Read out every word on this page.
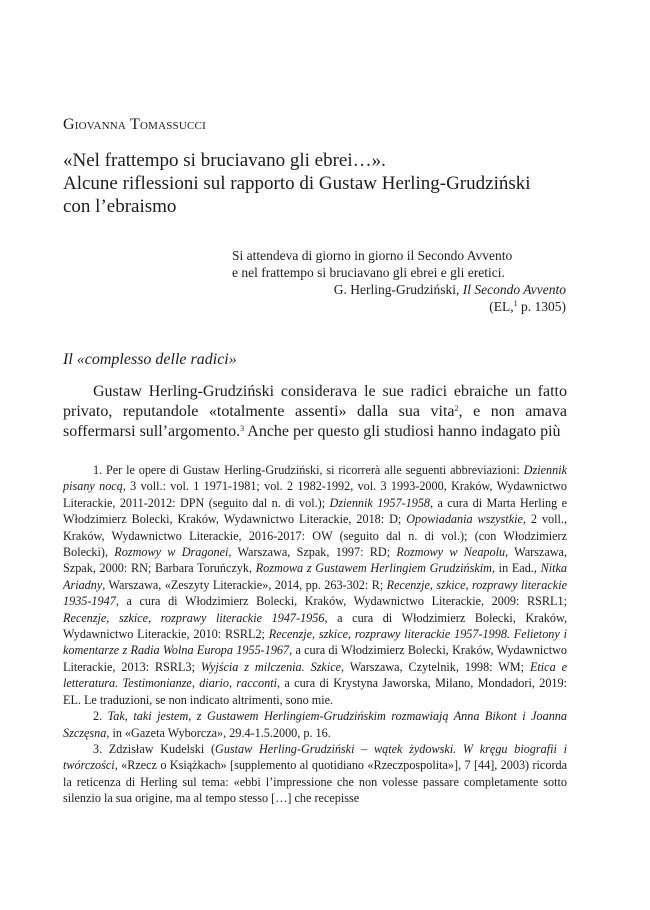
Giovanna Tomassucci
«Nel frattempo si bruciavano gli ebrei…».
Alcune riflessioni sul rapporto di Gustaw Herling-Grudziński
con l’ebraismo
Si attendeva di giorno in giorno il Secondo Avvento
e nel frattempo si bruciavano gli ebrei e gli eretici.
G. Herling-Grudziński, Il Secondo Avvento
(EL,$^1$ p. 1305)
Il «complesso delle radici»

Gustaw Herling-Grudziński considerava le sue radici ebraiche un fatto privato, reputandole «totalmente assenti» dalla sua vita$^2$, e non amava soffermarsi sull’argomento.$^3$ Anche per questo gli studiosi hanno indagato più

1. Per le opere di Gustaw Herling-Grudziński, si ricorrerà alle seguenti abbreviazioni: Dziennik pisany nocą, 3 voll.: vol. 1 1971-1981; vol. 2 1982-1992, vol. 3 1993-2000, Kraków, Wydawnictwo Literackie, 2011-2012: DPN (seguito dal n. di vol.); Dziennik 1957-1958, a cura di Marta Herling e Włodzimierz Bolecki, Kraków, Wydawnictwo Literackie, 2018: D; Opowiadania wszystkie, 2 voll., Kraków, Wydawnictwo Literackie, 2016-2017: OW (seguito dal n. di vol.); (con Włodzimierz Bolecki), Rozmowy w Dragonei, Warszawa, Szpak, 1997: RD; Rozmowy w Neapolu, Warszawa, Szpak, 2000: RN; Barbara Toruńczyk, Rozmowa z Gustawem Herlingiem Grudzińskim, in Ead., Nitka Ariadny, Warszawa, «Zeszyty Literackie», 2014, pp. 263-302: R; Recenzje, szkice, rozprawy literackie 1935-1947, a cura di Włodzimierz Bolecki, Kraków, Wydawnictwo Literackie, 2009: RSRL1; Recenzje, szkice, rozprawy literackie 1947-1956, a cura di Włodzimierz Bolecki, Kraków, Wydawnictwo Literackie, 2010: RSRL2; Recenzje, szkice, rozprawy literackie 1957-1998. Felietony i komentarze z Radia Wolna Europa 1955-1967, a cura di Włodzimierz Bolecki, Kraków, Wydawnictwo Literackie, 2013: RSRL3; Wyjścia z milczenia. Szkice, Warszawa, Czytelnik, 1998: WM; Etica e letteratura. Testimonianze, diario, racconti, a cura di Krystyna Jaworska, Milano, Mondadori, 2019: EL. Le traduzioni, se non indicato altrimenti, sono mie.

2. Tak, taki jestem, z Gustawem Herlingiem-Grudzińskim rozmawiają Anna Bikont i Joanna Szczęsna, in «Gazeta Wyborcza», 29.4-1.5.2000, p. 16.

3. Zdzisław Kudelski (Gustaw Herling-Grudziński – wątek żydowski. W kręgu biografii i twórczości, «Rzecz o Książkach» [supplemento al quotidiano «Rzeczpospolita»], 7 [44], 2003) ricorda la reticenza di Herling sul tema: «ebbi l’impressione che non volesse passare completamente sotto silenzio la sua origine, ma al tempo stesso […] che recepisse
